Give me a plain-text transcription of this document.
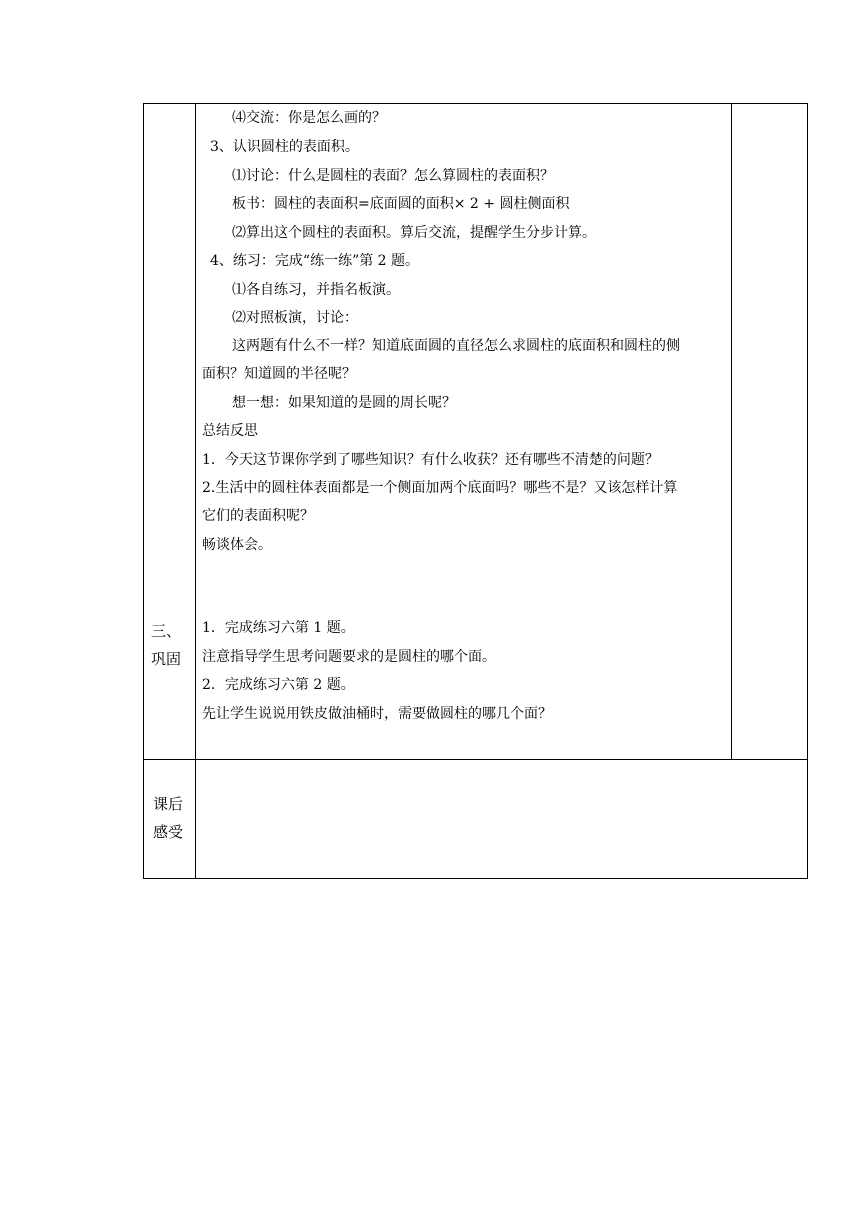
三、
巩固
课后
感受
⑷交流：你是怎么画的？
3、认识圆柱的表面积。
⑴讨论：什么是圆柱的表面？怎么算圆柱的表面积？
板书：圆柱的表面积=底面圆的面积× 2 + 圆柱侧面积
⑵算出这个圆柱的表面积。算后交流，提醒学生分步计算。
4、练习：完成“练一练”第 2 题。
⑴各自练习，并指名板演。
⑵对照板演，讨论：
这两题有什么不一样？知道底面圆的直径怎么求圆柱的底面积和圆柱的侧
面积？知道圆的半径呢？
想一想：如果知道的是圆的周长呢？
总结反思
1．今天这节课你学到了哪些知识？有什么收获？还有哪些不清楚的问题？
2.生活中的圆柱体表面都是一个侧面加两个底面吗？哪些不是？又该怎样计算
它们的表面积呢？
畅谈体会。
1．完成练习六第 1 题。
注意指导学生思考问题要求的是圆柱的哪个面。
2．完成练习六第 2 题。
先让学生说说用铁皮做油桶时，需要做圆柱的哪几个面？
